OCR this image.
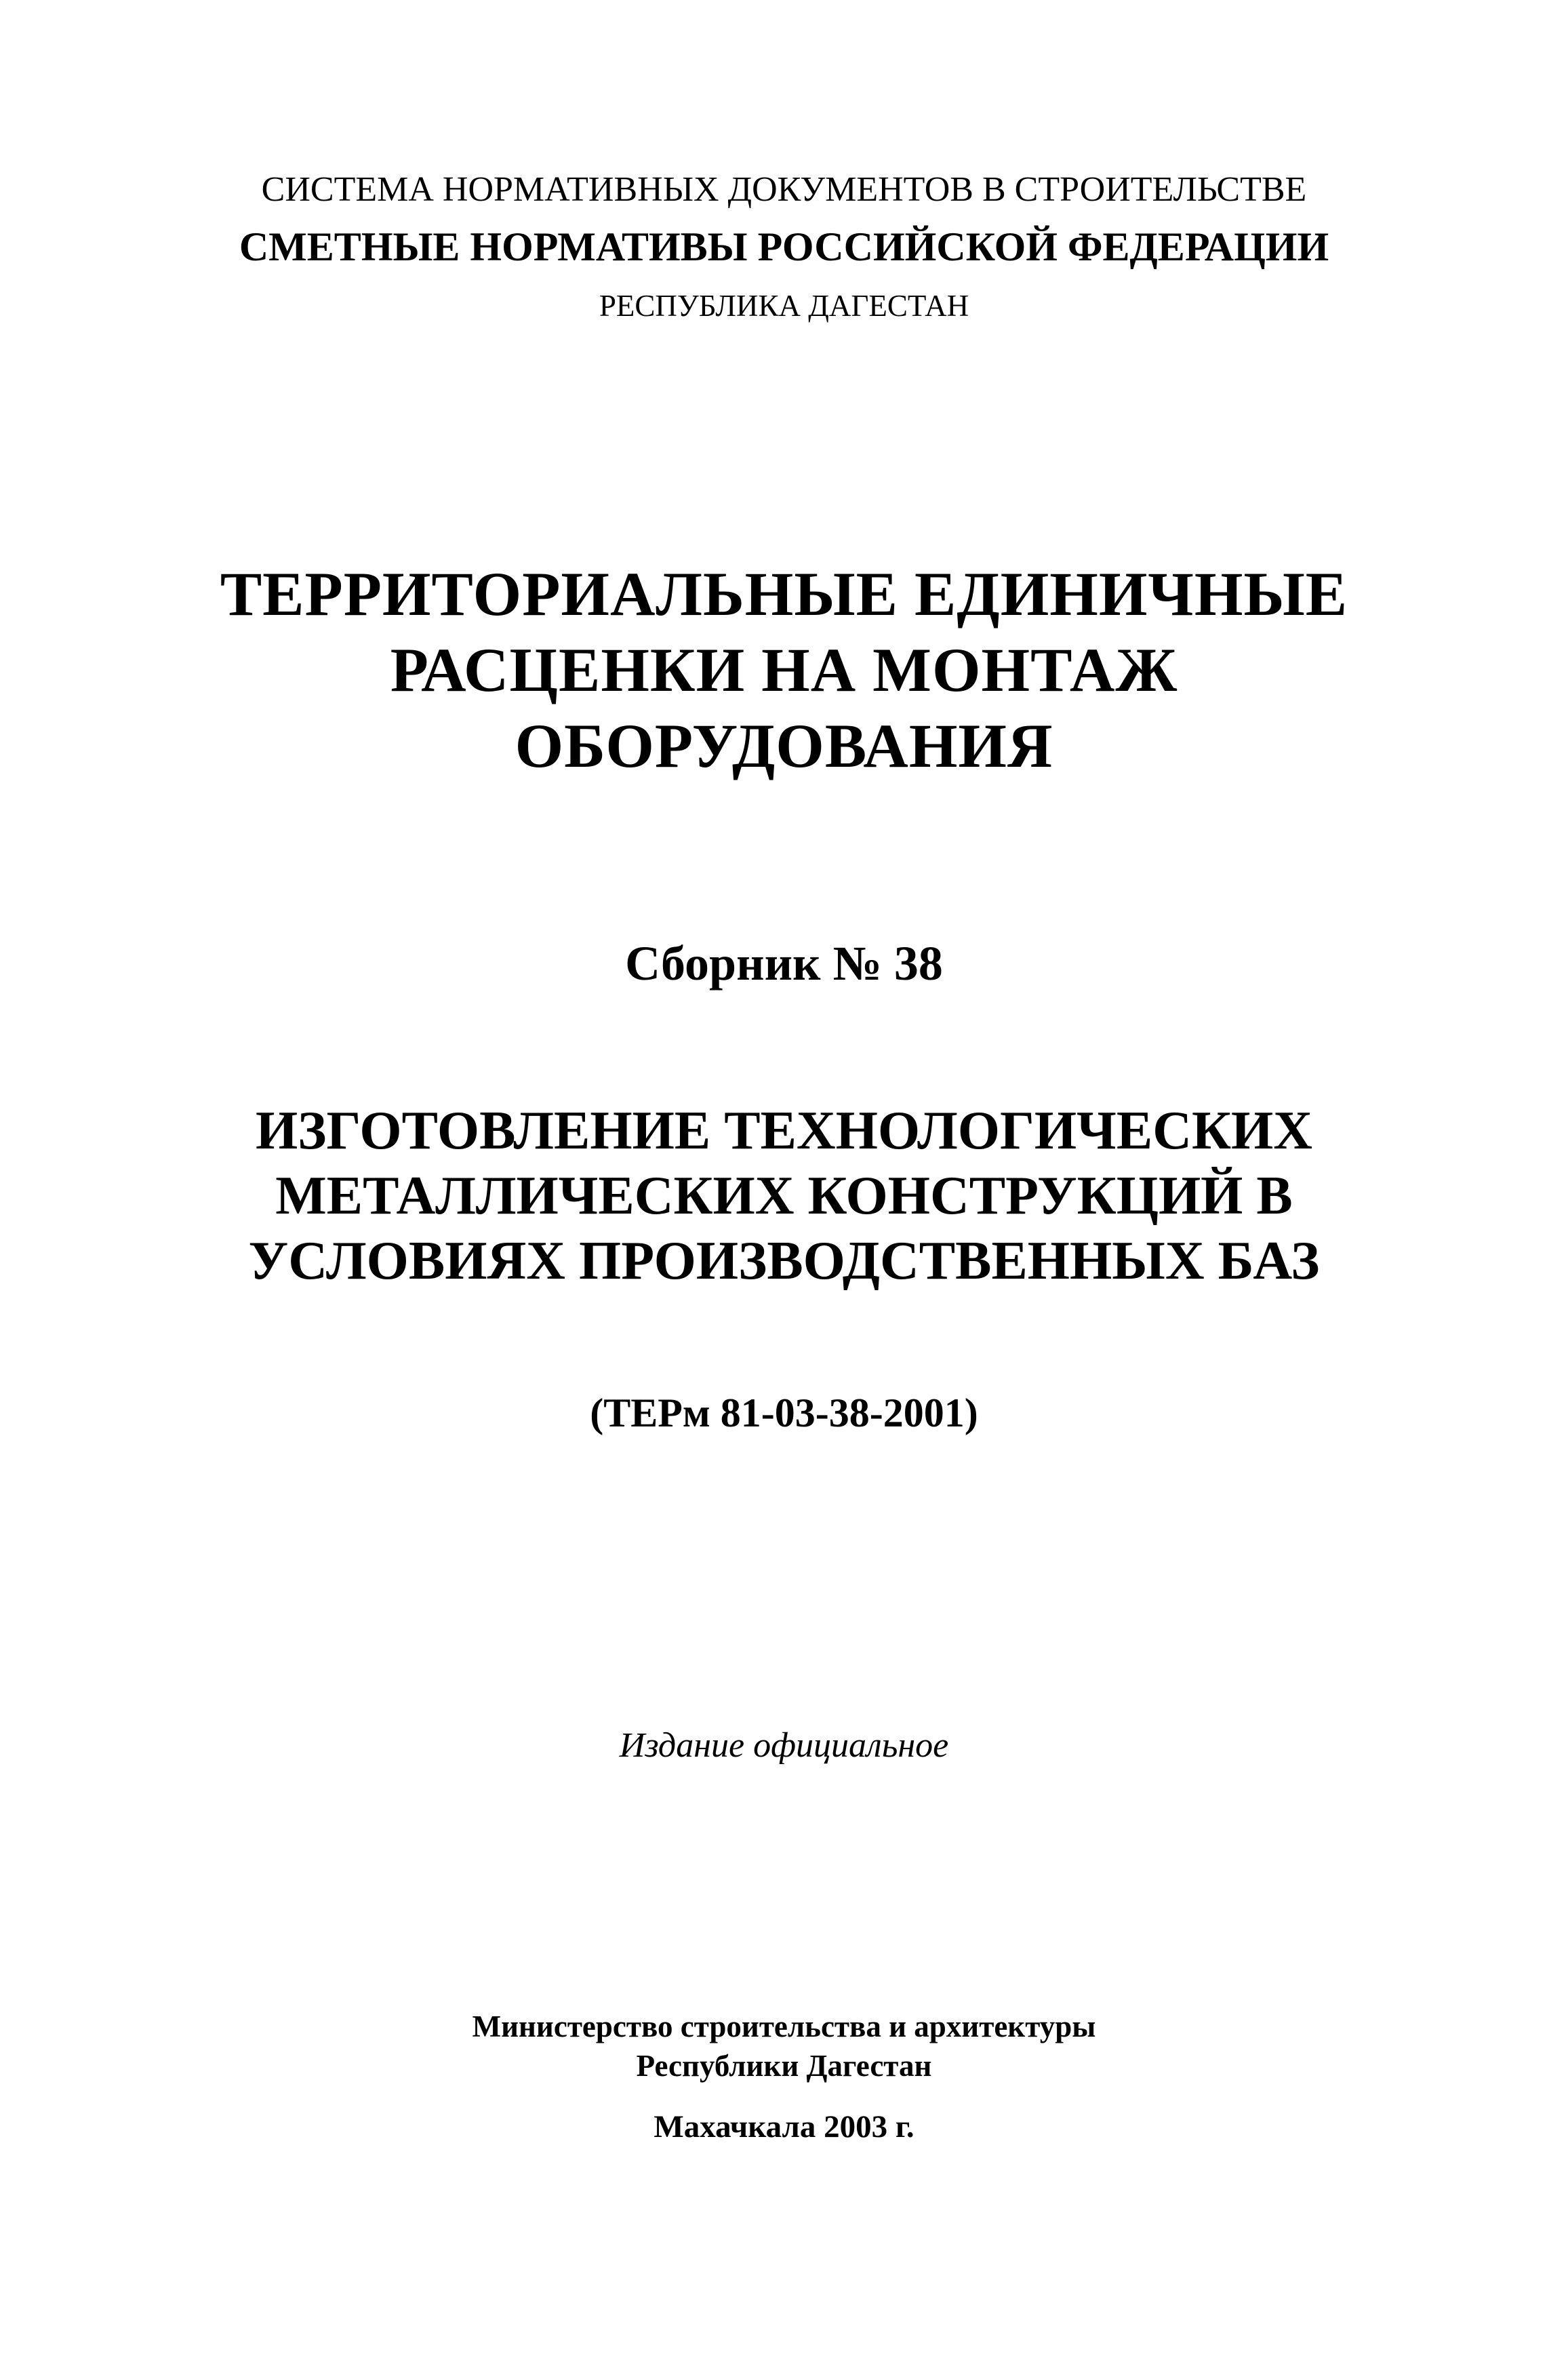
СИСТЕМА НОРМАТИВНЫХ ДОКУМЕНТОВ В СТРОИТЕЛЬСТВЕ
СМЕТНЫЕ НОРМАТИВЫ РОССИЙСКОЙ ФЕДЕРАЦИИ
РЕСПУБЛИКА ДАГЕСТАН
ТЕРРИТОРИАЛЬНЫЕ ЕДИНИЧНЫЕ
РАСЦЕНКИ НА МОНТАЖ
ОБОРУДОВАНИЯ
Сборник № 38
ИЗГОТОВЛЕНИЕ ТЕХНОЛОГИЧЕСКИХ
МЕТАЛЛИЧЕСКИХ КОНСТРУКЦИЙ В
УСЛОВИЯХ ПРОИЗВОДСТВЕННЫХ БАЗ
(ТЕРм 81-03-38-2001)
Издание официальное
Министерство строительства и архитектуры
Республики Дагестан
Махачкала 2003 г.
